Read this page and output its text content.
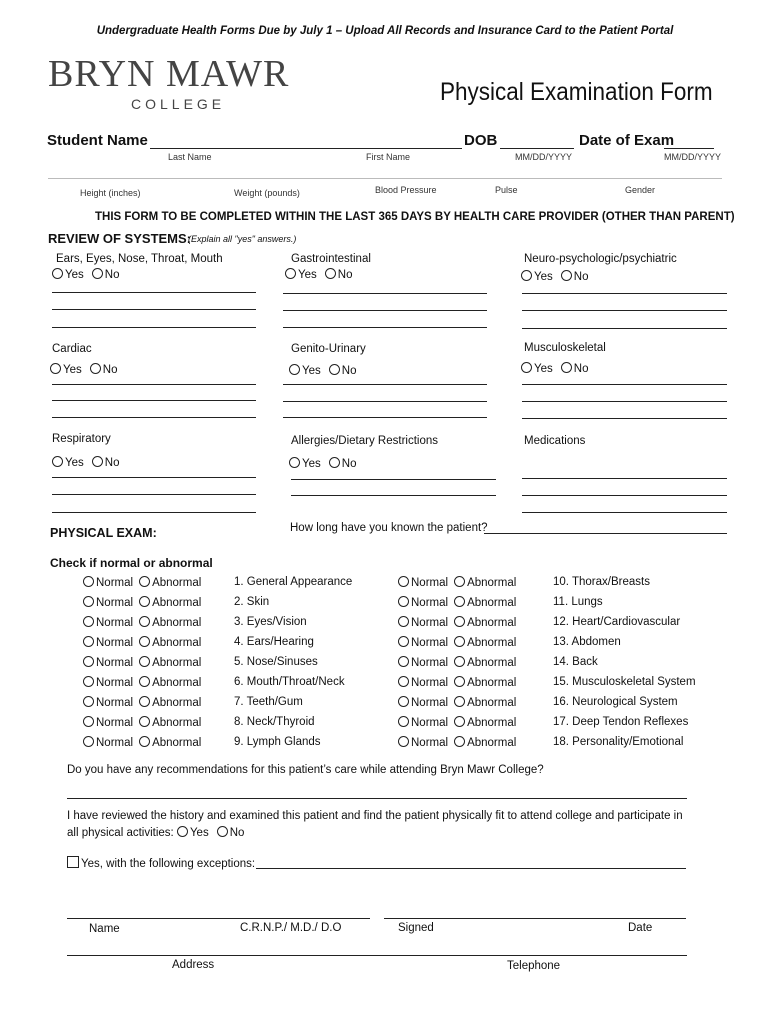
Undergraduate Health Forms Due by July 1 – Upload All Records and Insurance Card to the Patient Portal
BRYN MAWR
COLLEGE	Physical Examination Form
Student Name	DOB	Date of Exam
Last Name	First Name	MM/DD/YYYY	MM/DD/YYYY
Height (inches)	Weight (pounds)	Blood Pressure	Pulse	Gender
THIS FORM TO BE COMPLETED WITHIN THE LAST 365 DAYS BY HEALTH CARE PROVIDER (OTHER THAN PARENT)
REVIEW OF SYSTEMS:
(Explain all "yes" answers.)
Ears, Eyes, Nose, Throat, Mouth
Yes No
Gastrointestinal
Yes No
Neuro-psychologic/psychiatric
Yes No
Cardiac
Yes No
Genito-Urinary
Yes No
Musculoskeletal
Yes No
Respiratory
Yes No
Allergies/Dietary Restrictions
Yes No
Medications
PHYSICAL EXAM:	How long have you known the patient?
Check if normal or abnormal
Normal Abnormal	1. General Appearance	Normal Abnormal	10. Thorax/Breasts
Normal Abnormal	2. Skin	Normal Abnormal	11. Lungs
Normal Abnormal	3. Eyes/Vision	Normal Abnormal	12. Heart/Cardiovascular
Normal Abnormal	4. Ears/Hearing	Normal Abnormal	13. Abdomen
Normal Abnormal	5. Nose/Sinuses	Normal Abnormal	14. Back
Normal Abnormal	6. Mouth/Throat/Neck	Normal Abnormal	15. Musculoskeletal System
Normal Abnormal	7. Teeth/Gum	Normal Abnormal	16. Neurological System
Normal Abnormal	8. Neck/Thyroid	Normal Abnormal	17. Deep Tendon Reflexes
Normal Abnormal	9. Lymph Glands	Normal Abnormal	18. Personality/Emotional
Do you have any recommendations for this patient’s care while attending Bryn Mawr College?
I have reviewed the history and examined this patient and find the patient physically fit to attend college and participate in
all physical activities: Yes No
Yes, with the following exceptions:
Name	C.R.N.P./ M.D./ D.O	Signed	Date
Address	Telephone
